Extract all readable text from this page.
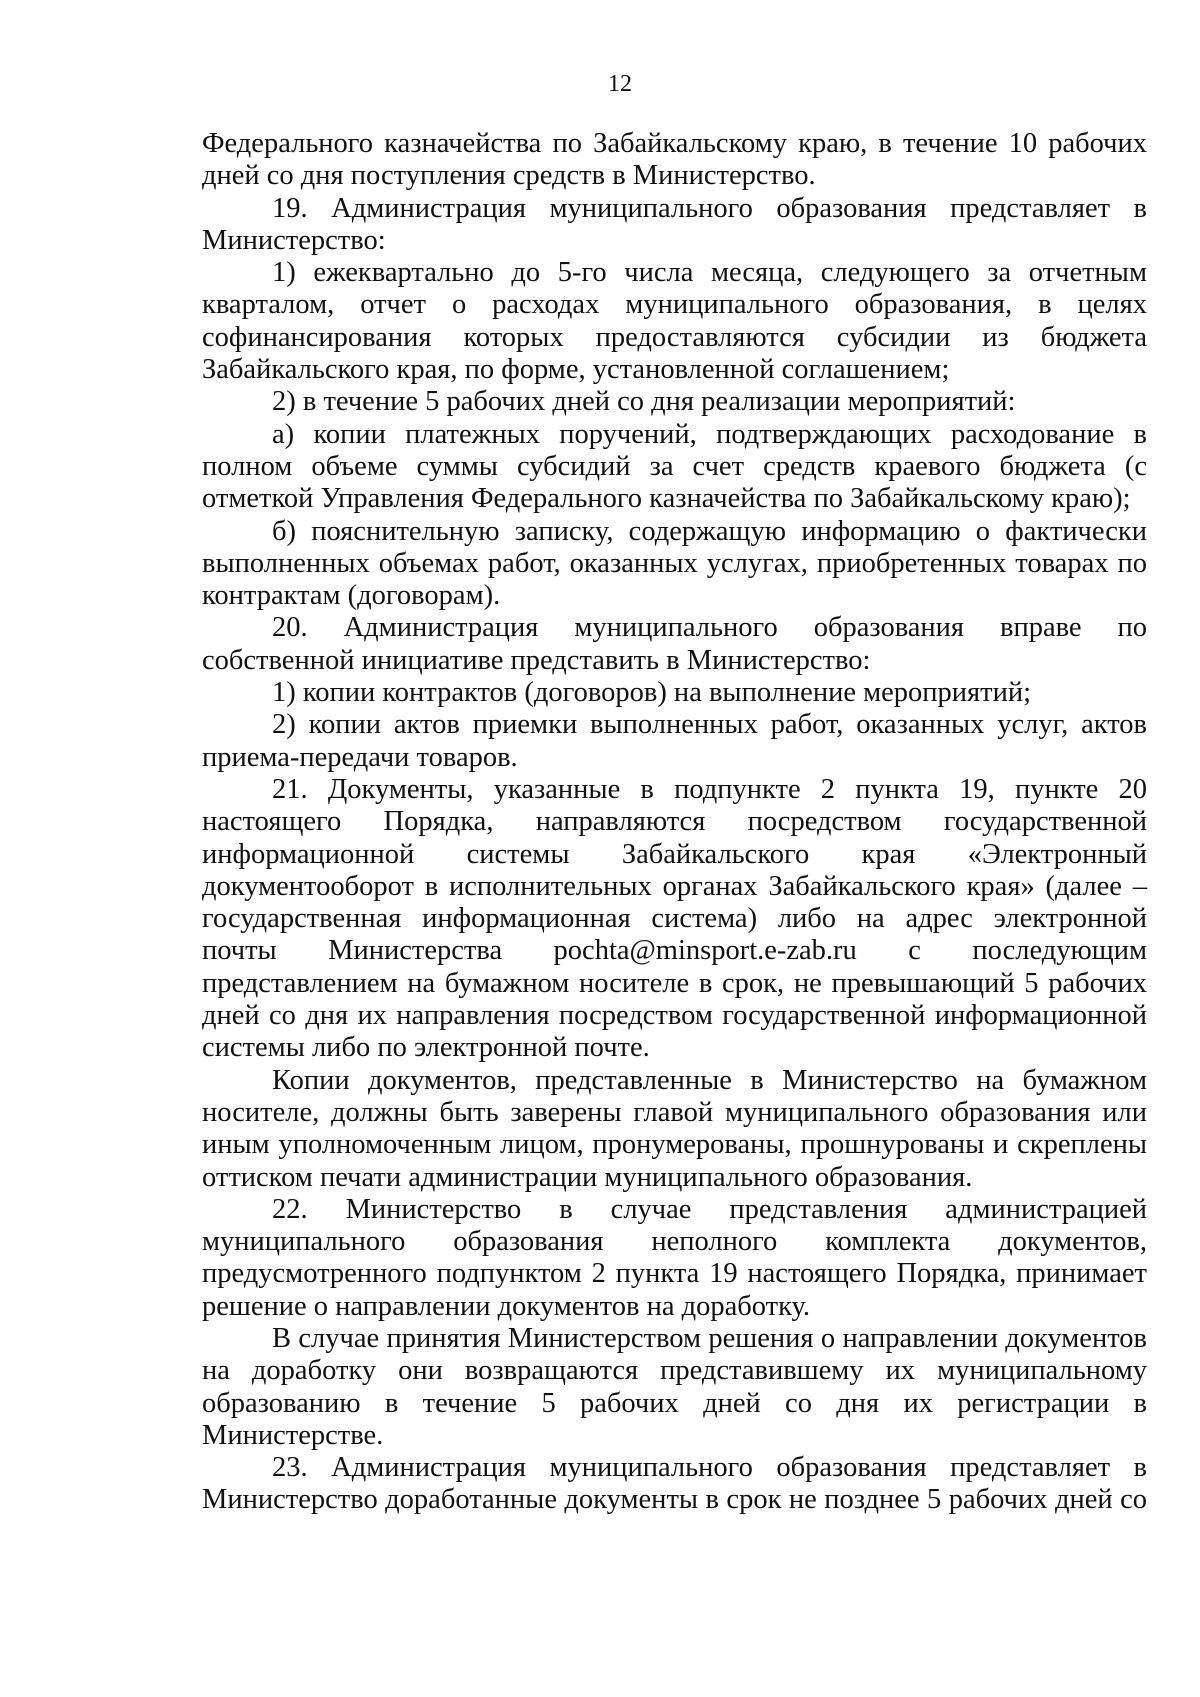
12

Федерального казначейства по Забайкальскому краю, в течение 10 рабочих дней со дня поступления средств в Министерство.

19. Администрация муниципального образования представляет в Министерство:

1) ежеквартально до 5-го числа месяца, следующего за отчетным кварталом, отчет о расходах муниципального образования, в целях софинансирования которых предоставляются субсидии из бюджета Забайкальского края, по форме, установленной соглашением;

2) в течение 5 рабочих дней со дня реализации мероприятий:

а) копии платежных поручений, подтверждающих расходование в полном объеме суммы субсидий за счет средств краевого бюджета (с отметкой Управления Федерального казначейства по Забайкальскому краю);

б) пояснительную записку, содержащую информацию о фактически выполненных объемах работ, оказанных услугах, приобретенных товарах по контрактам (договорам).

20. Администрация муниципального образования вправе по собственной инициативе представить в Министерство:

1) копии контрактов (договоров) на выполнение мероприятий;

2) копии актов приемки выполненных работ, оказанных услуг, актов приема-передачи товаров.

21. Документы, указанные в подпункте 2 пункта 19, пункте 20 настоящего Порядка, направляются посредством государственной информационной системы Забайкальского края «Электронный документооборот в исполнительных органах Забайкальского края» (далее – государственная информационная система) либо на адрес электронной почты Министерства pochta@minsport.e-zab.ru с последующим представлением на бумажном носителе в срок, не превышающий 5 рабочих дней со дня их направления посредством государственной информационной системы либо по электронной почте.

Копии документов, представленные в Министерство на бумажном носителе, должны быть заверены главой муниципального образования или иным уполномоченным лицом, пронумерованы, прошнурованы и скреплены оттиском печати администрации муниципального образования.

22. Министерство в случае представления администрацией муниципального образования неполного комплекта документов, предусмотренного подпунктом 2 пункта 19 настоящего Порядка, принимает решение о направлении документов на доработку.

В случае принятия Министерством решения о направлении документов на доработку они возвращаются представившему их муниципальному образованию в течение 5 рабочих дней со дня их регистрации в Министерстве.

23. Администрация муниципального образования представляет в Министерство доработанные документы в срок не позднее 5 рабочих дней со
